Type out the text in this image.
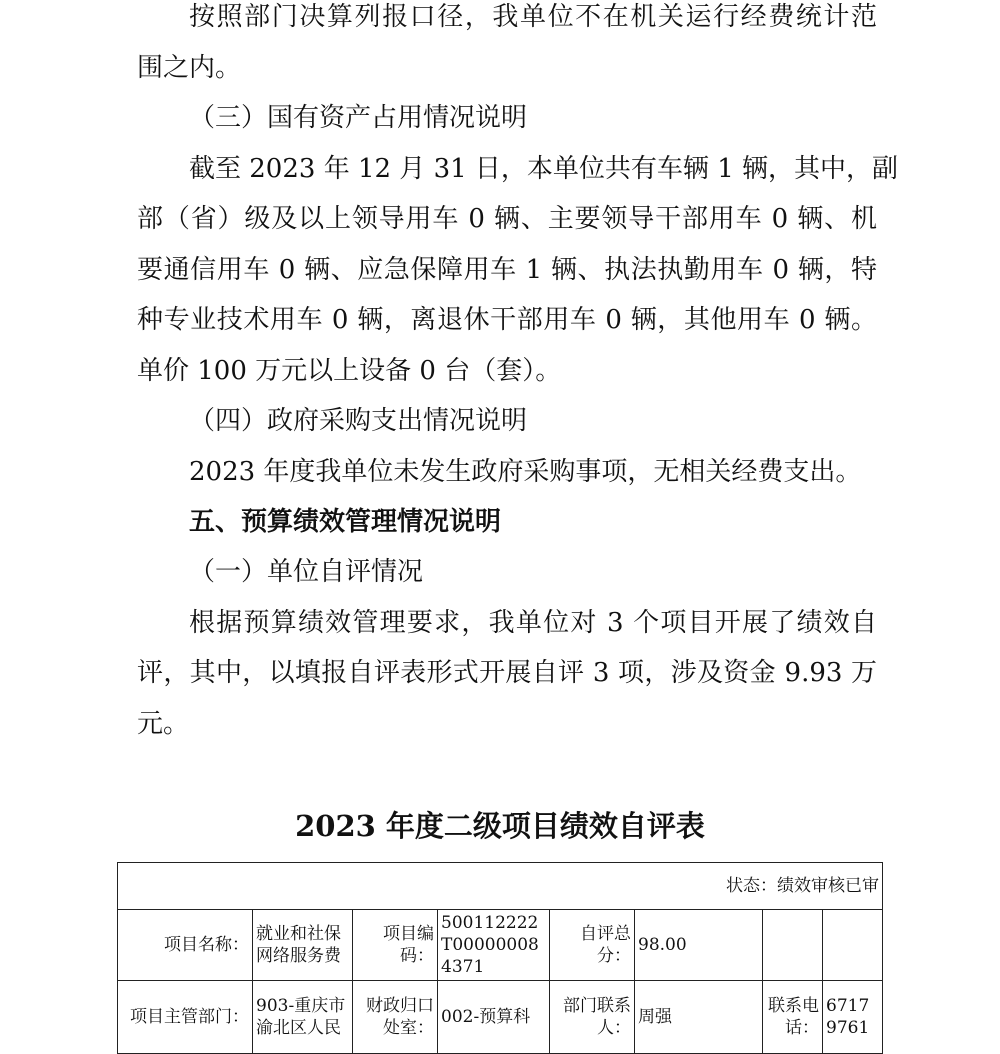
按照部门决算列报口径，我单位不在机关运行经费统计范
围之内。
（三）国有资产占用情况说明
截至 2023 年 12 月 31 日，本单位共有车辆 1 辆，其中，副
部（省）级及以上领导用车 0 辆、主要领导干部用车 0 辆、机
要通信用车 0 辆、应急保障用车 1 辆、执法执勤用车 0 辆，特
种专业技术用车 0 辆，离退休干部用车 0 辆，其他用车 0 辆。
单价 100 万元以上设备 0 台（套）。
（四）政府采购支出情况说明
2023 年度我单位未发生政府采购事项，无相关经费支出。
五、预算绩效管理情况说明
（一）单位自评情况
根据预算绩效管理要求，我单位对 3 个项目开展了绩效自
评，其中，以填报自评表形式开展自评 3 项，涉及资金 9.93 万
元。
2023 年度二级项目绩效自评表
状态：绩效审核已审							
项目名称：	就业和社保网络服务费	项目编码：	500112222T000000084371	自评总分：	98.00		
项目主管部门：	903-重庆市渝北区人民	财政归口处室：	002-预算科	部门联系人：	周强	联系电话：	67179761
